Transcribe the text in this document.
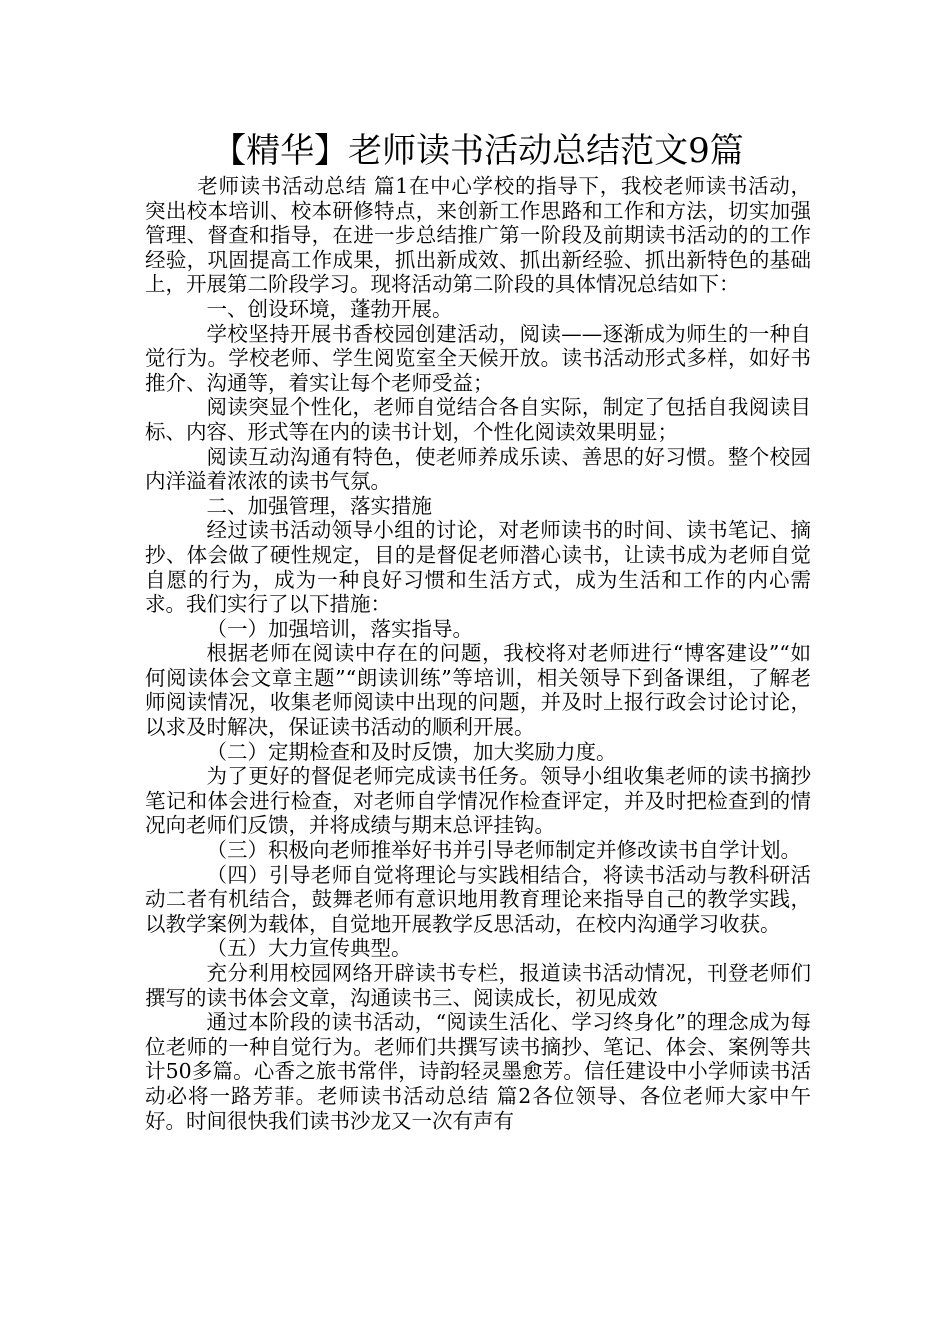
【精华】老师读书活动总结范文9篇

老师读书活动总结 篇1在中心学校的指导下，我校老师读书活动，突出校本培训、校本研修特点，来创新工作思路和工作和方法，切实加强管理、督查和指导，在进一步总结推广第一阶段及前期读书活动的的工作经验，巩固提高工作成果，抓出新成效、抓出新经验、抓出新特色的基础上，开展第二阶段学习。现将活动第二阶段的具体情况总结如下：

一、创设环境，蓬勃开展。

学校坚持开展书香校园创建活动，阅读——逐渐成为师生的一种自觉行为。学校老师、学生阅览室全天候开放。读书活动形式多样，如好书推介、沟通等，着实让每个老师受益；

阅读突显个性化，老师自觉结合各自实际，制定了包括自我阅读目标、内容、形式等在内的读书计划，个性化阅读效果明显；

阅读互动沟通有特色，使老师养成乐读、善思的好习惯。整个校园内洋溢着浓浓的读书气氛。

二、加强管理，落实措施

经过读书活动领导小组的讨论，对老师读书的时间、读书笔记、摘抄、体会做了硬性规定，目的是督促老师潜心读书，让读书成为老师自觉自愿的行为，成为一种良好习惯和生活方式，成为生活和工作的内心需求。我们实行了以下措施：

（一）加强培训，落实指导。

根据老师在阅读中存在的问题，我校将对老师进行“博客建设”“如何阅读体会文章主题”“朗读训练”等培训，相关领导下到备课组，了解老师阅读情况，收集老师阅读中出现的问题，并及时上报行政会讨论讨论，以求及时解决，保证读书活动的顺利开展。

（二）定期检查和及时反馈，加大奖励力度。

为了更好的督促老师完成读书任务。领导小组收集老师的读书摘抄笔记和体会进行检查，对老师自学情况作检查评定，并及时把检查到的情况向老师们反馈，并将成绩与期末总评挂钩。

（三）积极向老师推举好书并引导老师制定并修改读书自学计划。

（四）引导老师自觉将理论与实践相结合，将读书活动与教科研活动二者有机结合，鼓舞老师有意识地用教育理论来指导自己的教学实践，以教学案例为载体，自觉地开展教学反思活动，在校内沟通学习收获。

（五）大力宣传典型。

充分利用校园网络开辟读书专栏，报道读书活动情况，刊登老师们撰写的读书体会文章，沟通读书三、阅读成长，初见成效

通过本阶段的读书活动，“阅读生活化、学习终身化”的理念成为每位老师的一种自觉行为。老师们共撰写读书摘抄、笔记、体会、案例等共计50多篇。心香之旅书常伴，诗韵轻灵墨愈芳。信任建设中小学师读书活动必将一路芳菲。老师读书活动总结 篇2各位领导、各位老师大家中午好。时间很快我们读书沙龙又一次有声有
